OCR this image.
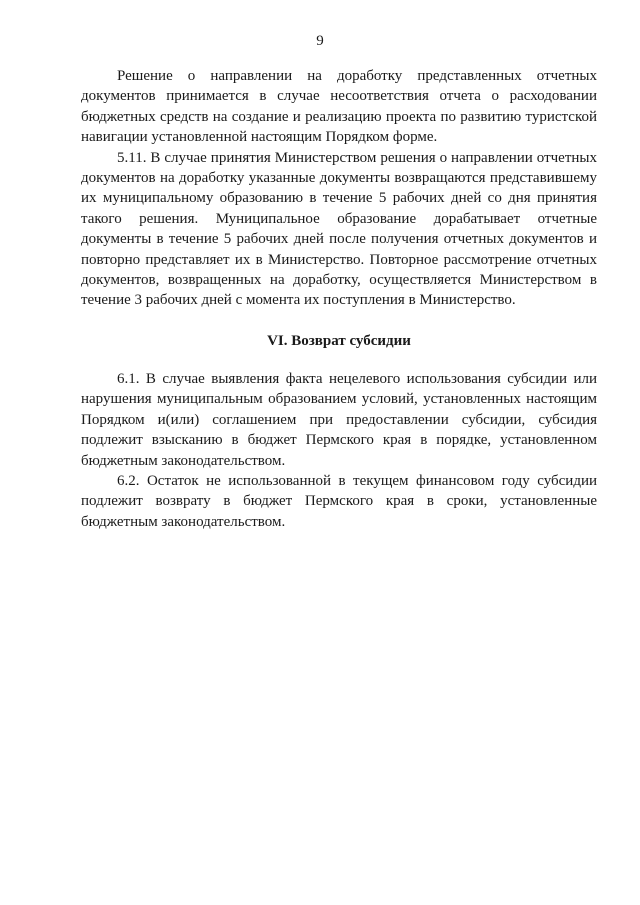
9

Решение о направлении на доработку представленных отчетных документов принимается в случае несоответствия отчета о расходовании бюджетных средств на создание и реализацию проекта по развитию туристской навигации установленной настоящим Порядком форме.

5.11. В случае принятия Министерством решения о направлении отчетных документов на доработку указанные документы возвращаются представившему их муниципальному образованию в течение 5 рабочих дней со дня принятия такого решения. Муниципальное образование дорабатывает отчетные документы в течение 5 рабочих дней после получения отчетных документов и повторно представляет их в Министерство. Повторное рассмотрение отчетных документов, возвращенных на доработку, осуществляется Министерством в течение 3 рабочих дней с момента их поступления в Министерство.

VI. Возврат субсидии

6.1. В случае выявления факта нецелевого использования субсидии или нарушения муниципальным образованием условий, установленных настоящим Порядком и(или) соглашением при предоставлении субсидии, субсидия подлежит взысканию в бюджет Пермского края в порядке, установленном бюджетным законодательством.

6.2. Остаток не использованной в текущем финансовом году субсидии подлежит возврату в бюджет Пермского края в сроки, установленные бюджетным законодательством.
